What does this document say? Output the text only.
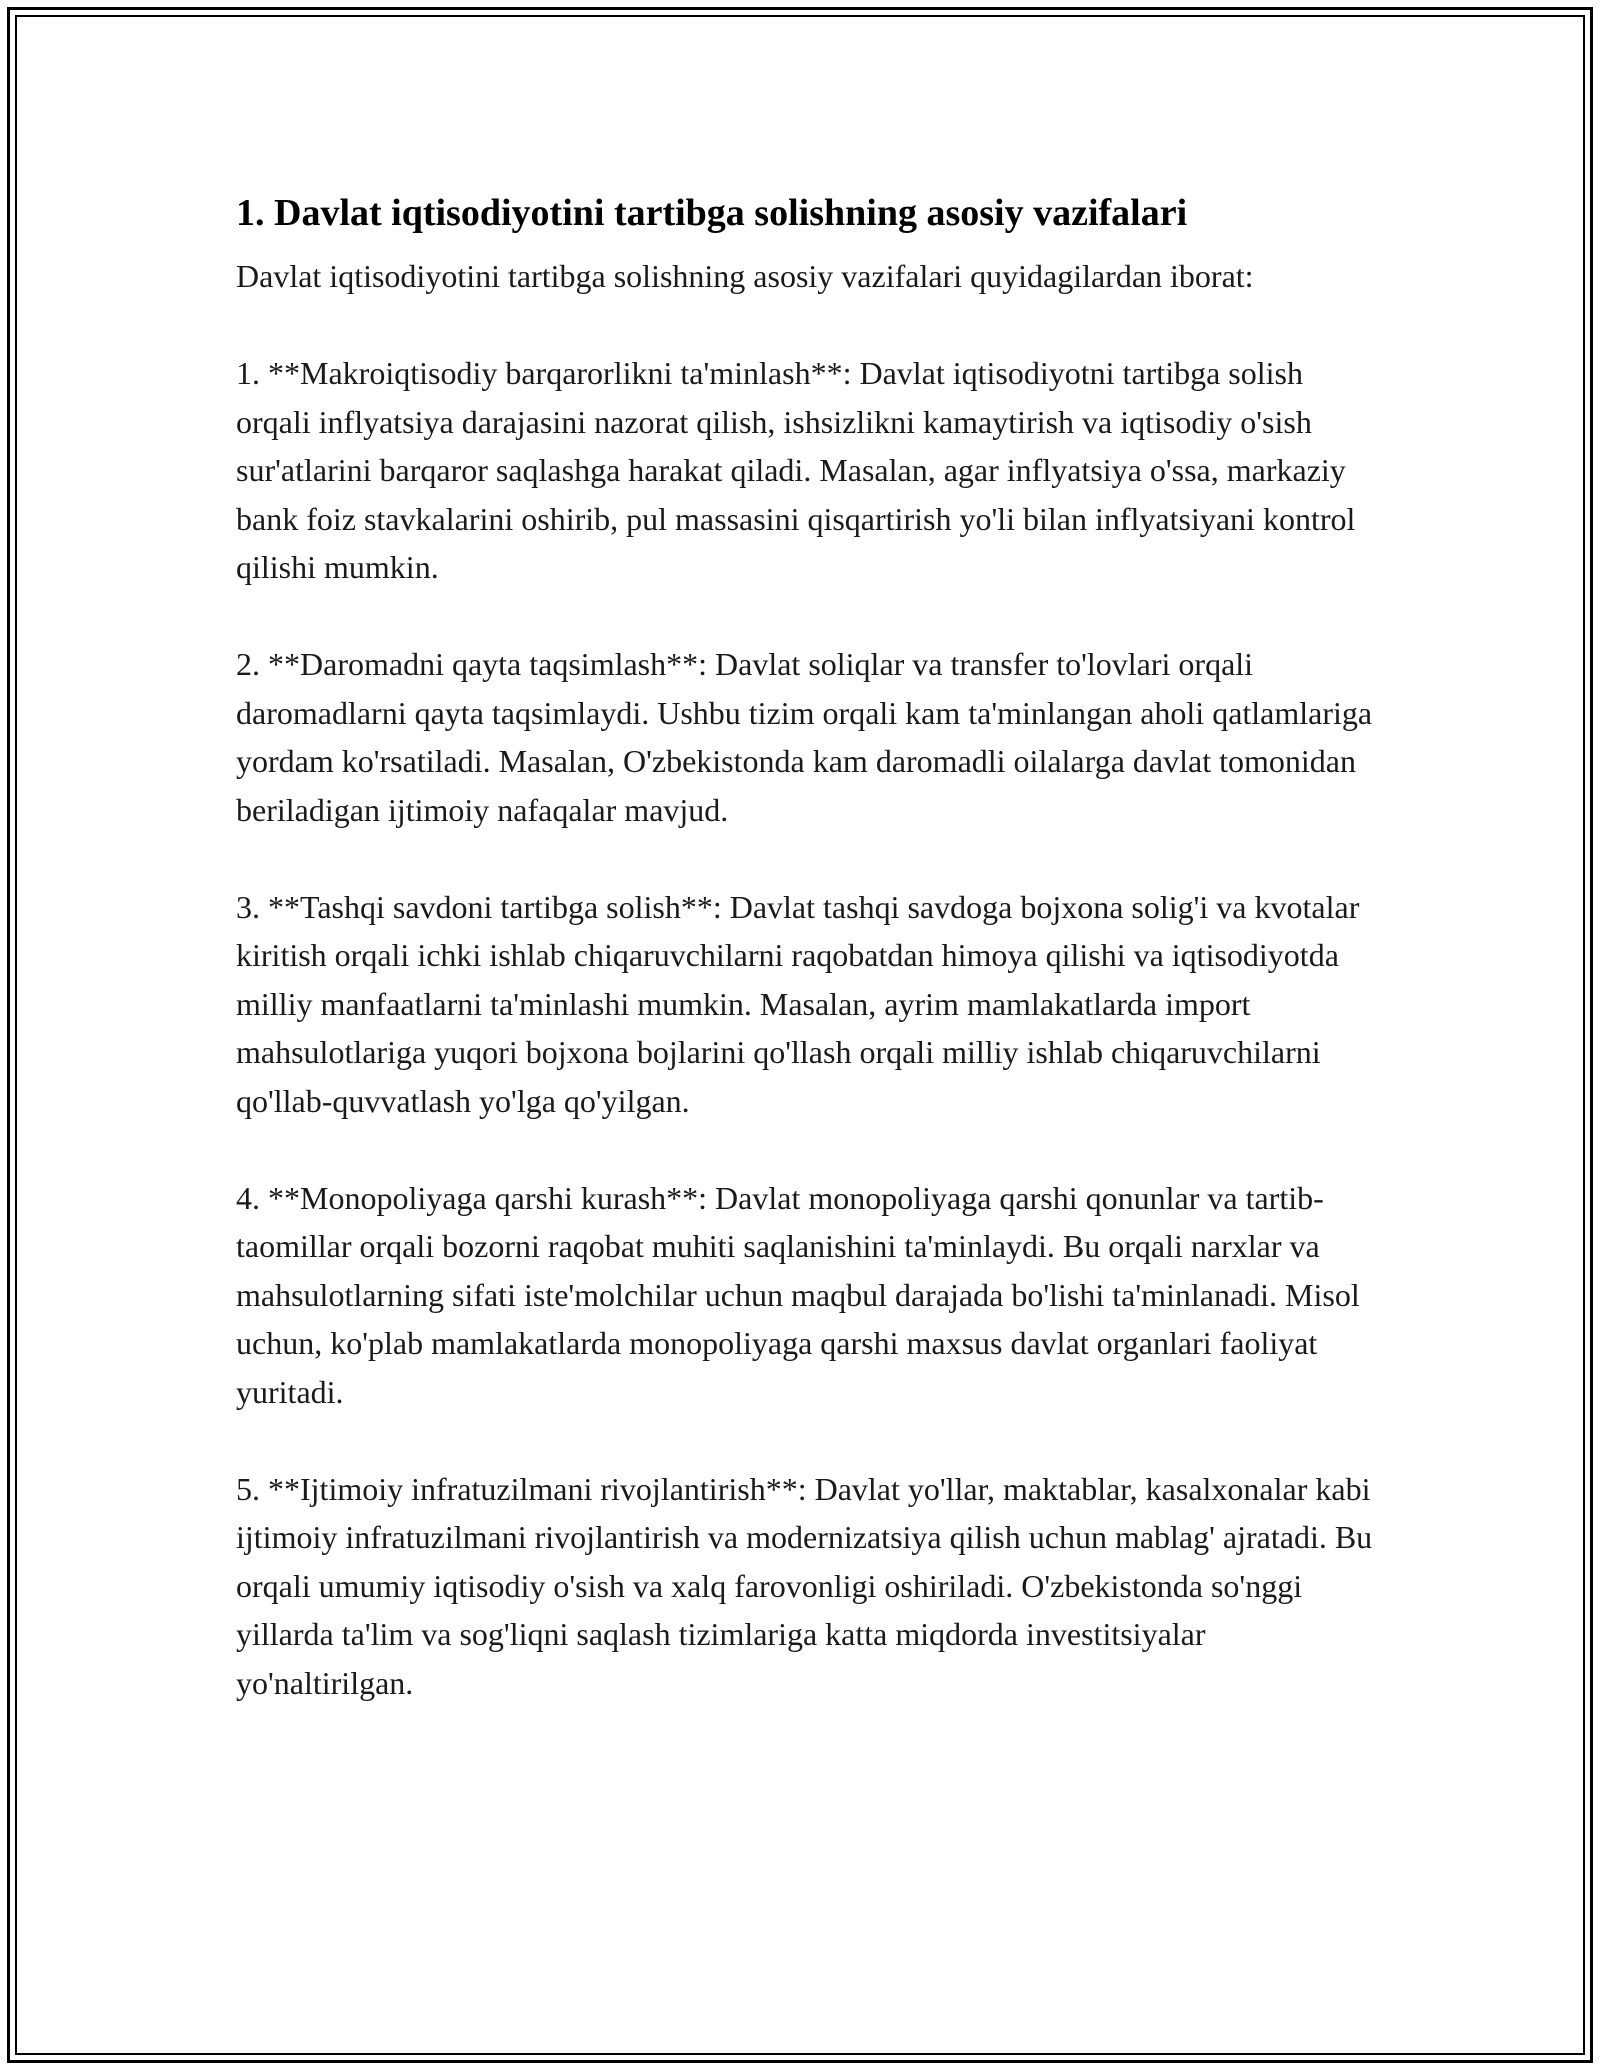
1. Davlat iqtisodiyotini tartibga solishning asosiy vazifalari

Davlat iqtisodiyotini tartibga solishning asosiy vazifalari quyidagilardan iborat:

1. **Makroiqtisodiy barqarorlikni ta'minlash**: Davlat iqtisodiyotni tartibga solish orqali inflyatsiya darajasini nazorat qilish, ishsizlikni kamaytirish va iqtisodiy o'sish sur'atlarini barqaror saqlashga harakat qiladi. Masalan, agar inflyatsiya o'ssa, markaziy bank foiz stavkalarini oshirib, pul massasini qisqartirish yo'li bilan inflyatsiyani kontrol qilishi mumkin.

2. **Daromadni qayta taqsimlash**: Davlat soliqlar va transfer to'lovlari orqali daromadlarni qayta taqsimlaydi. Ushbu tizim orqali kam ta'minlangan aholi qatlamlariga yordam ko'rsatiladi. Masalan, O'zbekistonda kam daromadli oilalarga davlat tomonidan beriladigan ijtimoiy nafaqalar mavjud.

3. **Tashqi savdoni tartibga solish**: Davlat tashqi savdoga bojxona solig'i va kvotalar kiritish orqali ichki ishlab chiqaruvchilarni raqobatdan himoya qilishi va iqtisodiyotda milliy manfaatlarni ta'minlashi mumkin. Masalan, ayrim mamlakatlarda import mahsulotlariga yuqori bojxona bojlarini qo'llash orqali milliy ishlab chiqaruvchilarni qo'llab-quvvatlash yo'lga qo'yilgan.

4. **Monopoliyaga qarshi kurash**: Davlat monopoliyaga qarshi qonunlar va tartib-taomillar orqali bozorni raqobat muhiti saqlanishini ta'minlaydi. Bu orqali narxlar va mahsulotlarning sifati iste'molchilar uchun maqbul darajada bo'lishi ta'minlanadi. Misol uchun, ko'plab mamlakatlarda monopoliyaga qarshi maxsus davlat organlari faoliyat yuritadi.

5. **Ijtimoiy infratuzilmani rivojlantirish**: Davlat yo'llar, maktablar, kasalxonalar kabi ijtimoiy infratuzilmani rivojlantirish va modernizatsiya qilish uchun mablag' ajratadi. Bu orqali umumiy iqtisodiy o'sish va xalq farovonligi oshiriladi. O'zbekistonda so'nggi yillarda ta'lim va sog'liqni saqlash tizimlariga katta miqdorda investitsiyalar yo'naltirilgan.
